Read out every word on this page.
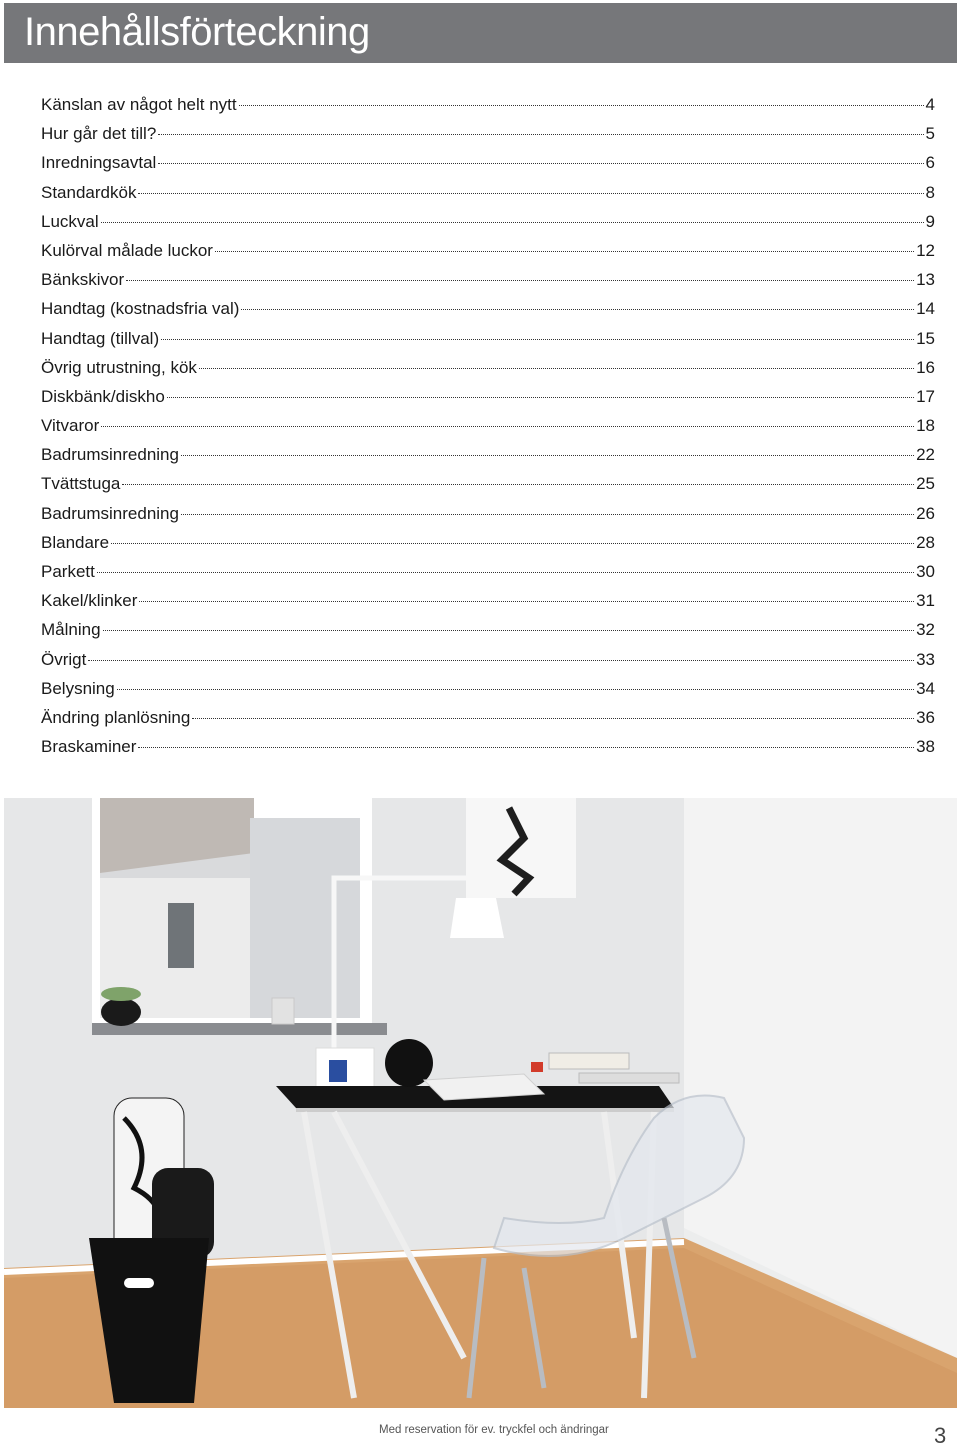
Innehållsförteckning
Känslan av något helt nytt	4
Hur går det till?	5
Inredningsavtal	6
Standardkök	8
Luckval	9
Kulörval målade luckor	12
Bänkskivor	13
Handtag (kostnadsfria val)	14
Handtag (tillval)	15
Övrig utrustning, kök	16
Diskbänk/diskho	17
Vitvaror	18
Badrumsinredning	22
Tvättstuga	25
Badrumsinredning	26
Blandare	28
Parkett	30
Kakel/klinker	31
Målning	32
Övrigt	33
Belysning	34
Ändring planlösning	36
Braskaminer	38
Med reservation för ev. tryckfel och ändringar	3
